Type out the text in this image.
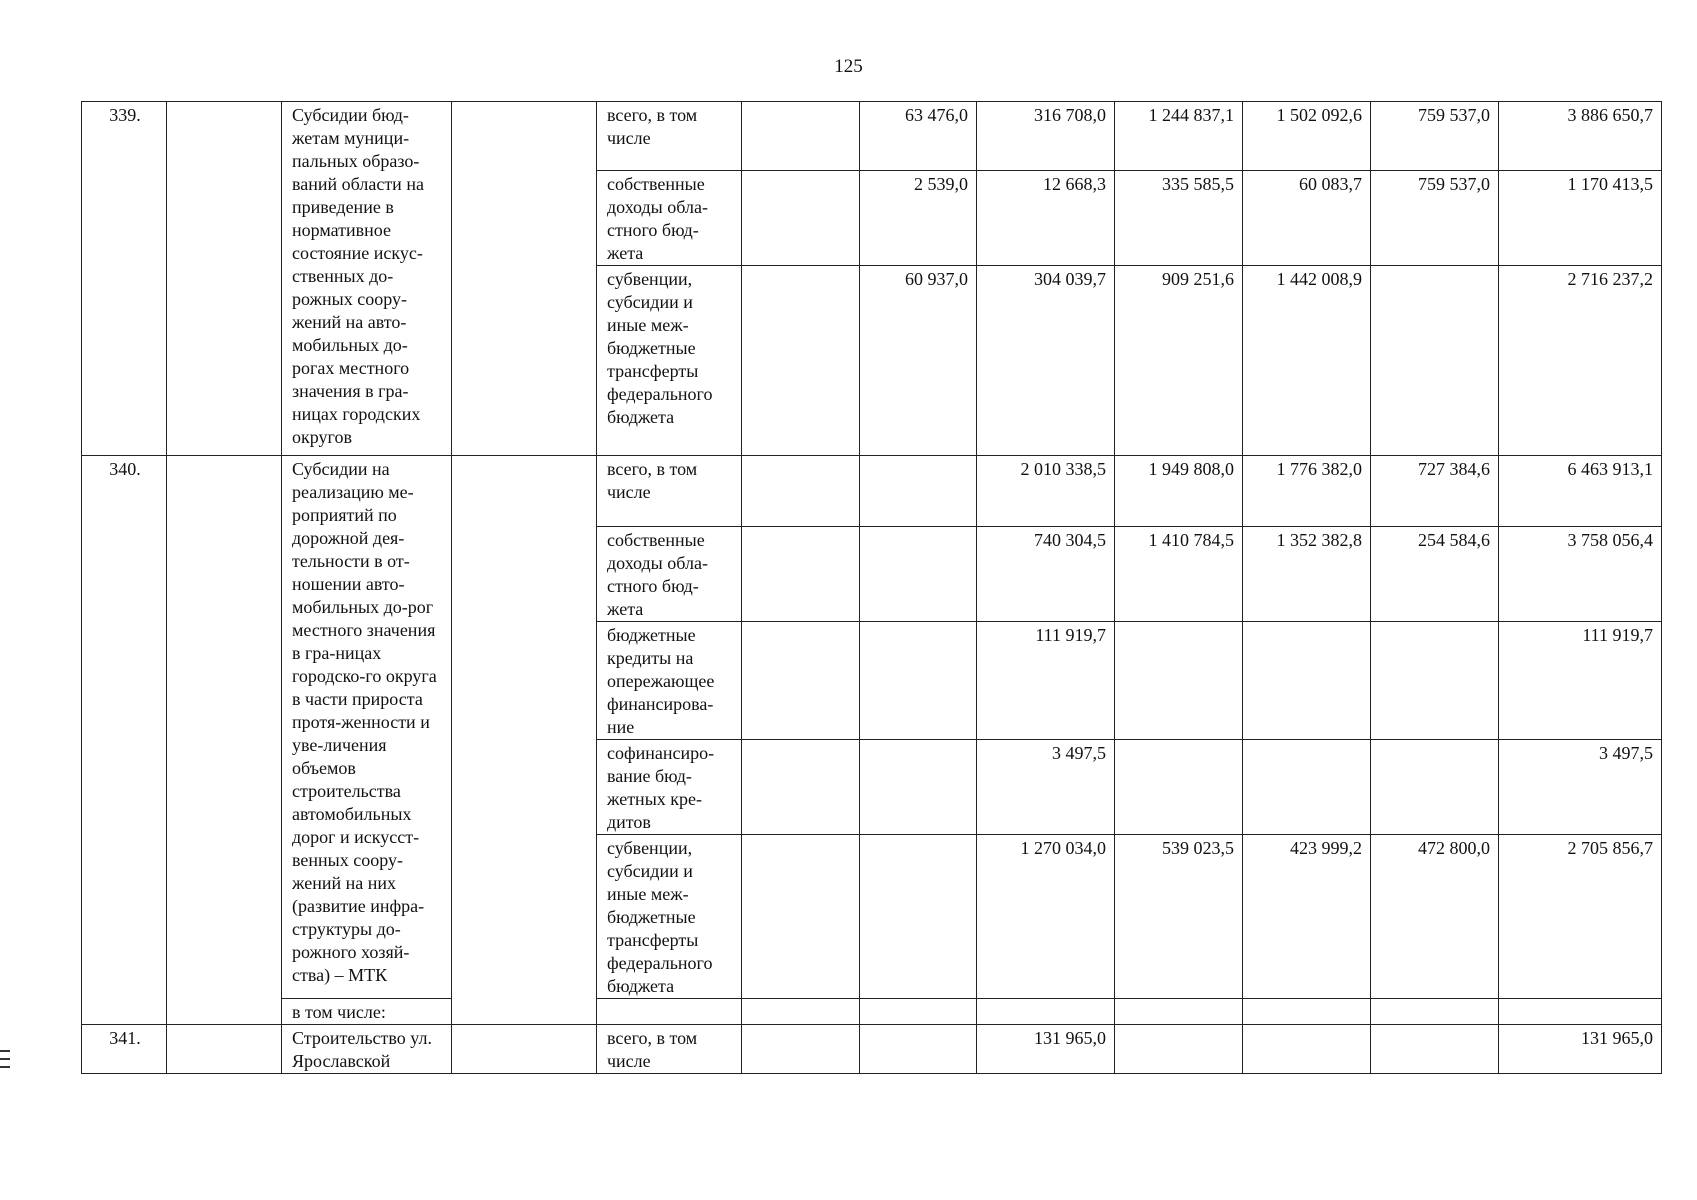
125
339.		Субсидии бюд-жетам муници-пальных образо-ваний области на приведение в нормативное состояние искус-ственных до-рожных соору-жений на авто-мобильных до-рогах местного значения в гра-ницах городских округов		всего, в том числе		63 476,0	316 708,0	1 244 837,1	1 502 092,6	759 537,0	3 886 650,7
				собственные доходы обла-стного бюд-жета		2 539,0	12 668,3	335 585,5	60 083,7	759 537,0	1 170 413,5
				субвенции, субсидии и иные меж-бюджетные трансферты федерального бюджета		60 937,0	304 039,7	909 251,6	1 442 008,9		2 716 237,2
340.		Субсидии на реализацию ме-роприятий по дорожной дея-тельности в от-ношении авто-мобильных до-рог местного значения в гра-ницах городско-го округа в части прироста протя-женности и уве-личения объемов строительства автомобильных дорог и искусст-венных соору-жений на них (развитие инфра-структуры до-рожного хозяй-ства) – МТК		всего, в том числе			2 010 338,5	1 949 808,0	1 776 382,0	727 384,6	6 463 913,1
				собственные доходы обла-стного бюд-жета			740 304,5	1 410 784,5	1 352 382,8	254 584,6	3 758 056,4
				бюджетные кредиты на опережающее финансирова-ние			111 919,7				111 919,7
				софинансиро-вание бюд-жетных кре-дитов			3 497,5				3 497,5
				субвенции, субсидии и иные меж-бюджетные трансферты федерального бюджета			1 270 034,0	539 023,5	423 999,2	472 800,0	2 705 856,7
		в том числе:									
341.		Строительство ул. Ярославской		всего, в том числе			131 965,0				131 965,0
